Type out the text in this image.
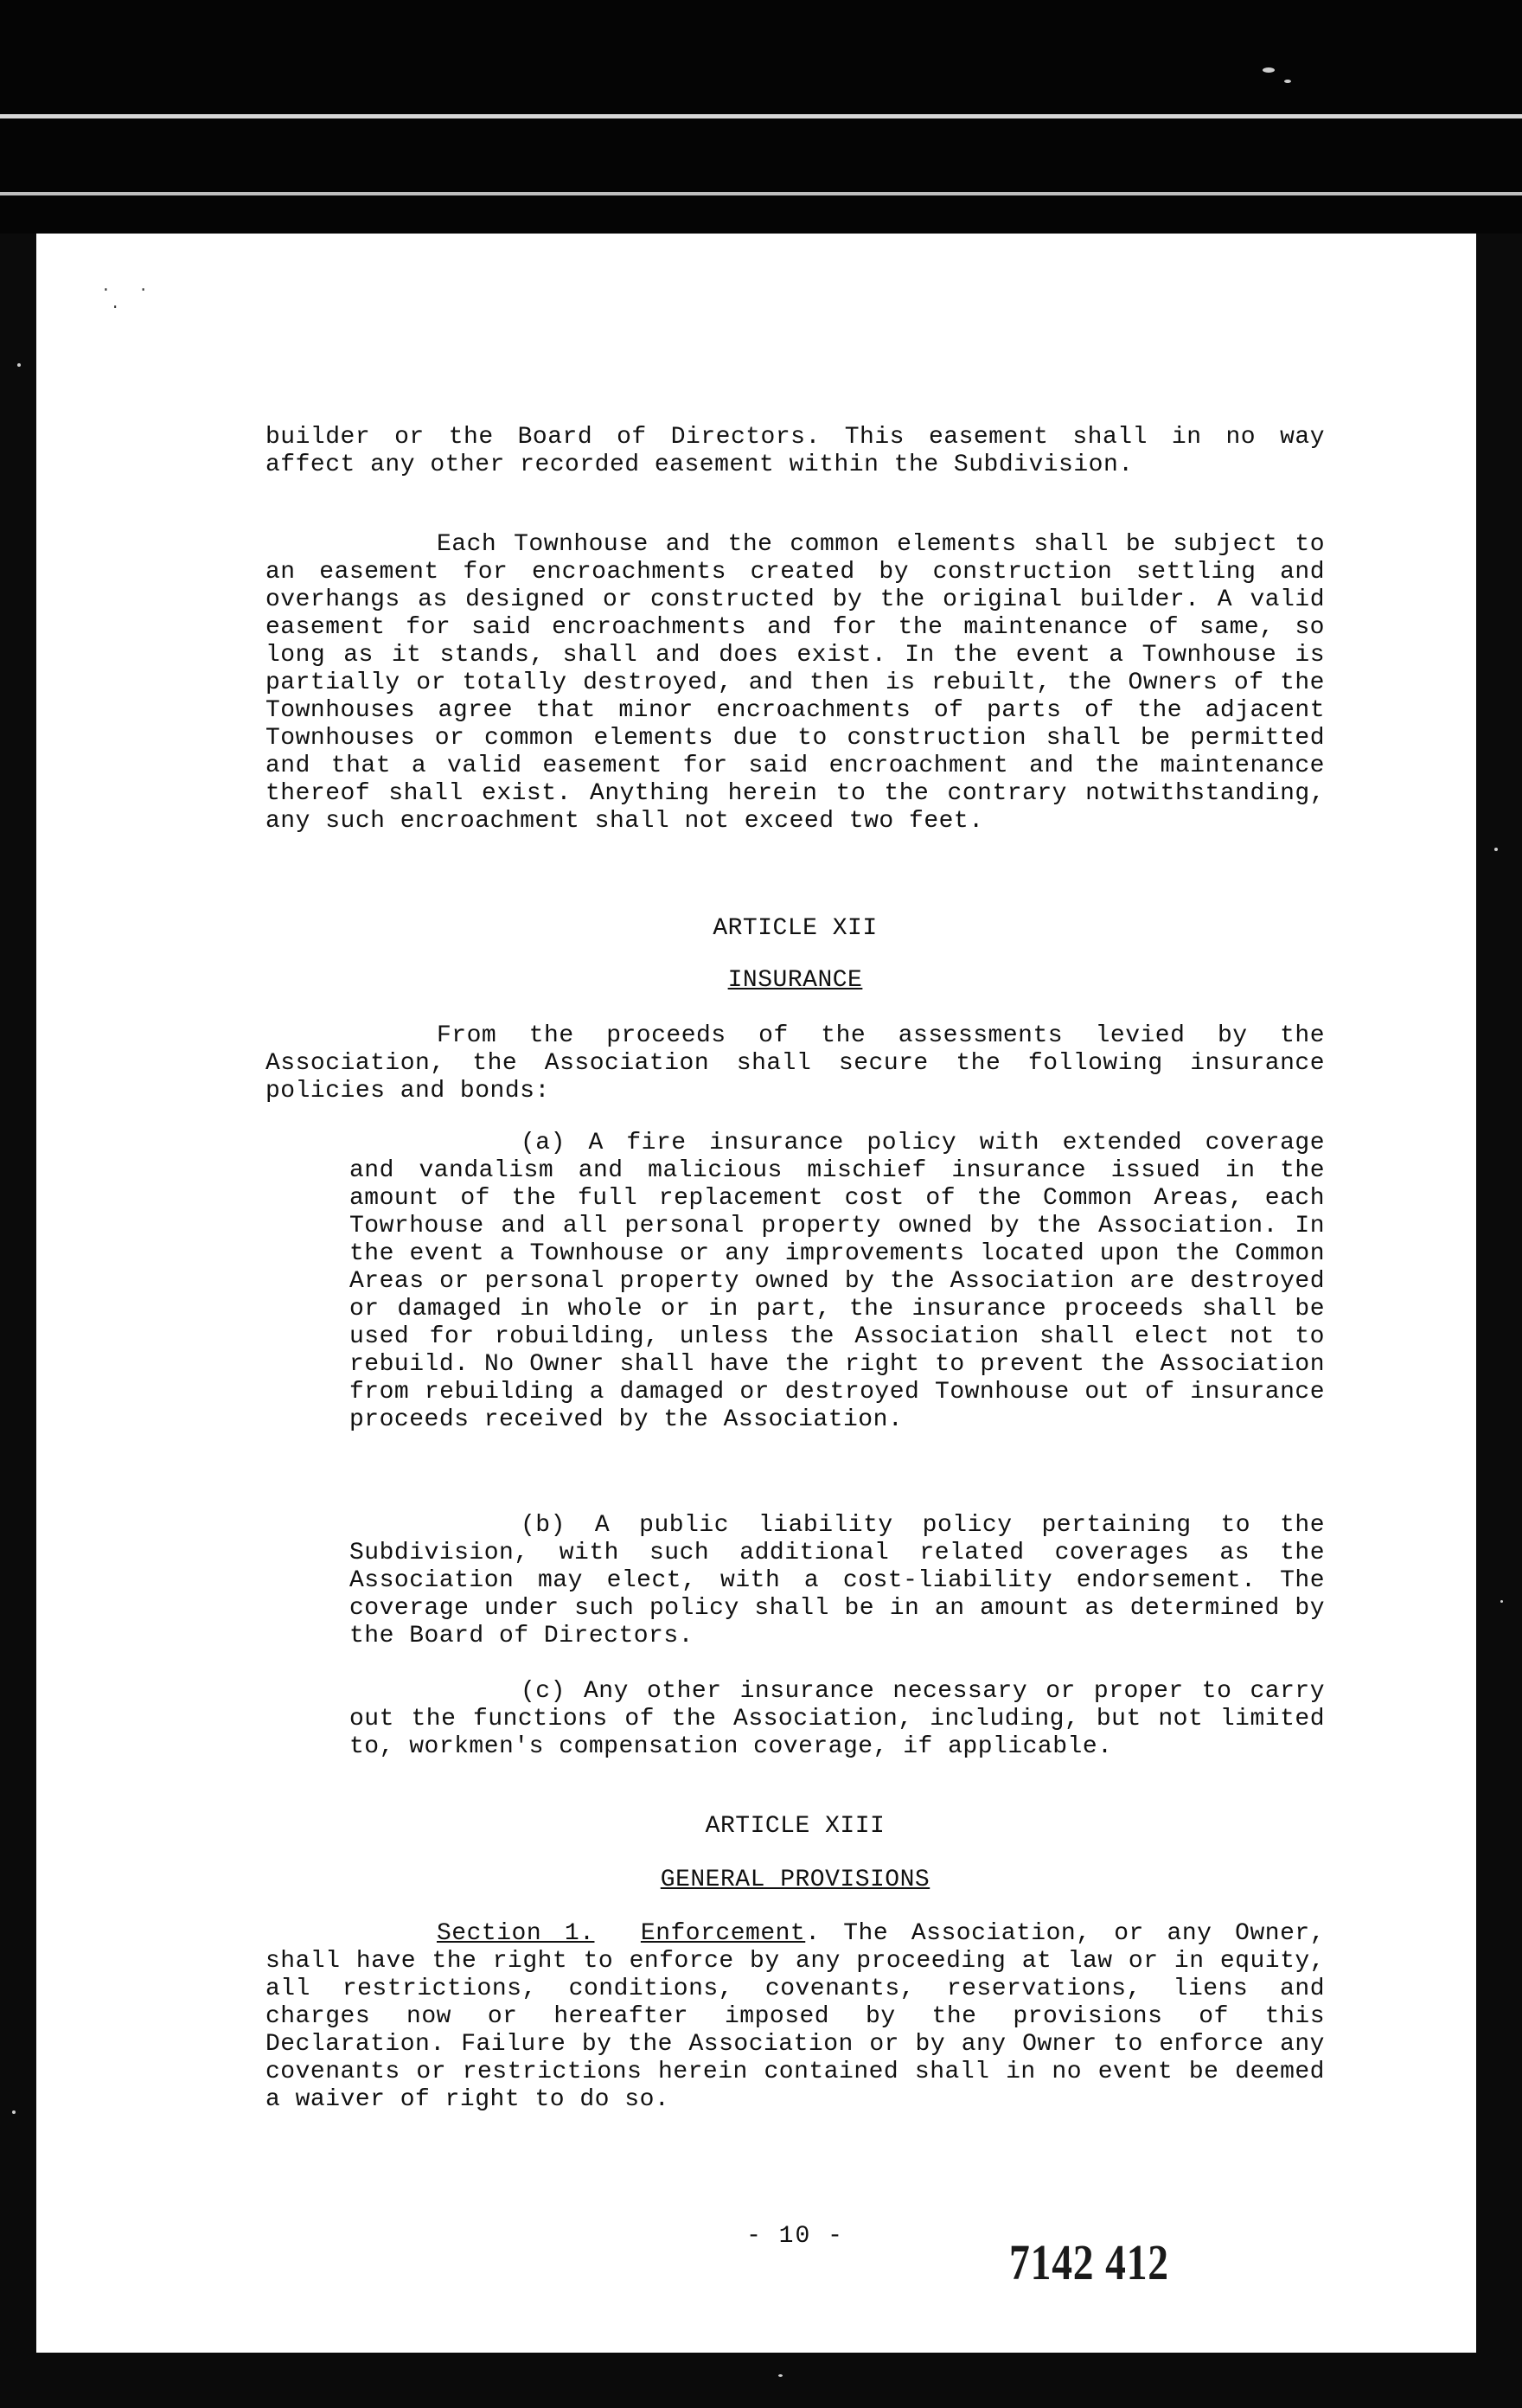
.   .
.

builder or the Board of Directors. This easement shall in no way affect any other recorded easement within the Subdivision.

Each Townhouse and the common elements shall be subject to an easement for encroachments created by construction settling and overhangs as designed or constructed by the original builder. A valid easement for said encroachments and for the maintenance of same, so long as it stands, shall and does exist. In the event a Townhouse is partially or totally destroyed, and then is rebuilt, the Owners of the Townhouses agree that minor encroachments of parts of the adjacent Townhouses or common elements due to construction shall be permitted and that a valid easement for said encroachment and the maintenance thereof shall exist. Anything herein to the contrary notwithstanding, any such encroachment shall not exceed two feet.

ARTICLE XII
INSURANCE

From the proceeds of the assessments levied by the Association, the Association shall secure the following insurance policies and bonds:

(a) A fire insurance policy with extended coverage and vandalism and malicious mischief insurance issued in the amount of the full replacement cost of the Common Areas, each Towrhouse and all personal property owned by the Association. In the event a Townhouse or any improvements located upon the Common Areas or personal property owned by the Association are destroyed or damaged in whole or in part, the insurance proceeds shall be used for robuilding, unless the Association shall elect not to rebuild. No Owner shall have the right to prevent the Association from rebuilding a damaged or destroyed Townhouse out of insurance proceeds received by the Association.

(b) A public liability policy pertaining to the Subdivision, with such additional related coverages as the Association may elect, with a cost-liability endorsement. The coverage under such policy shall be in an amount as determined by the Board of Directors.

(c) Any other insurance necessary or proper to carry out the functions of the Association, including, but not limited to, workmen's compensation coverage, if applicable.

ARTICLE XIII
GENERAL PROVISIONS

Section 1. Enforcement. The Association, or any Owner, shall have the right to enforce by any proceeding at law or in equity, all restrictions, conditions, covenants, reservations, liens and charges now or hereafter imposed by the provisions of this Declaration. Failure by the Association or by any Owner to enforce any covenants or restrictions herein contained shall in no event be deemed a waiver of right to do so.

- 10 -	7142 412
